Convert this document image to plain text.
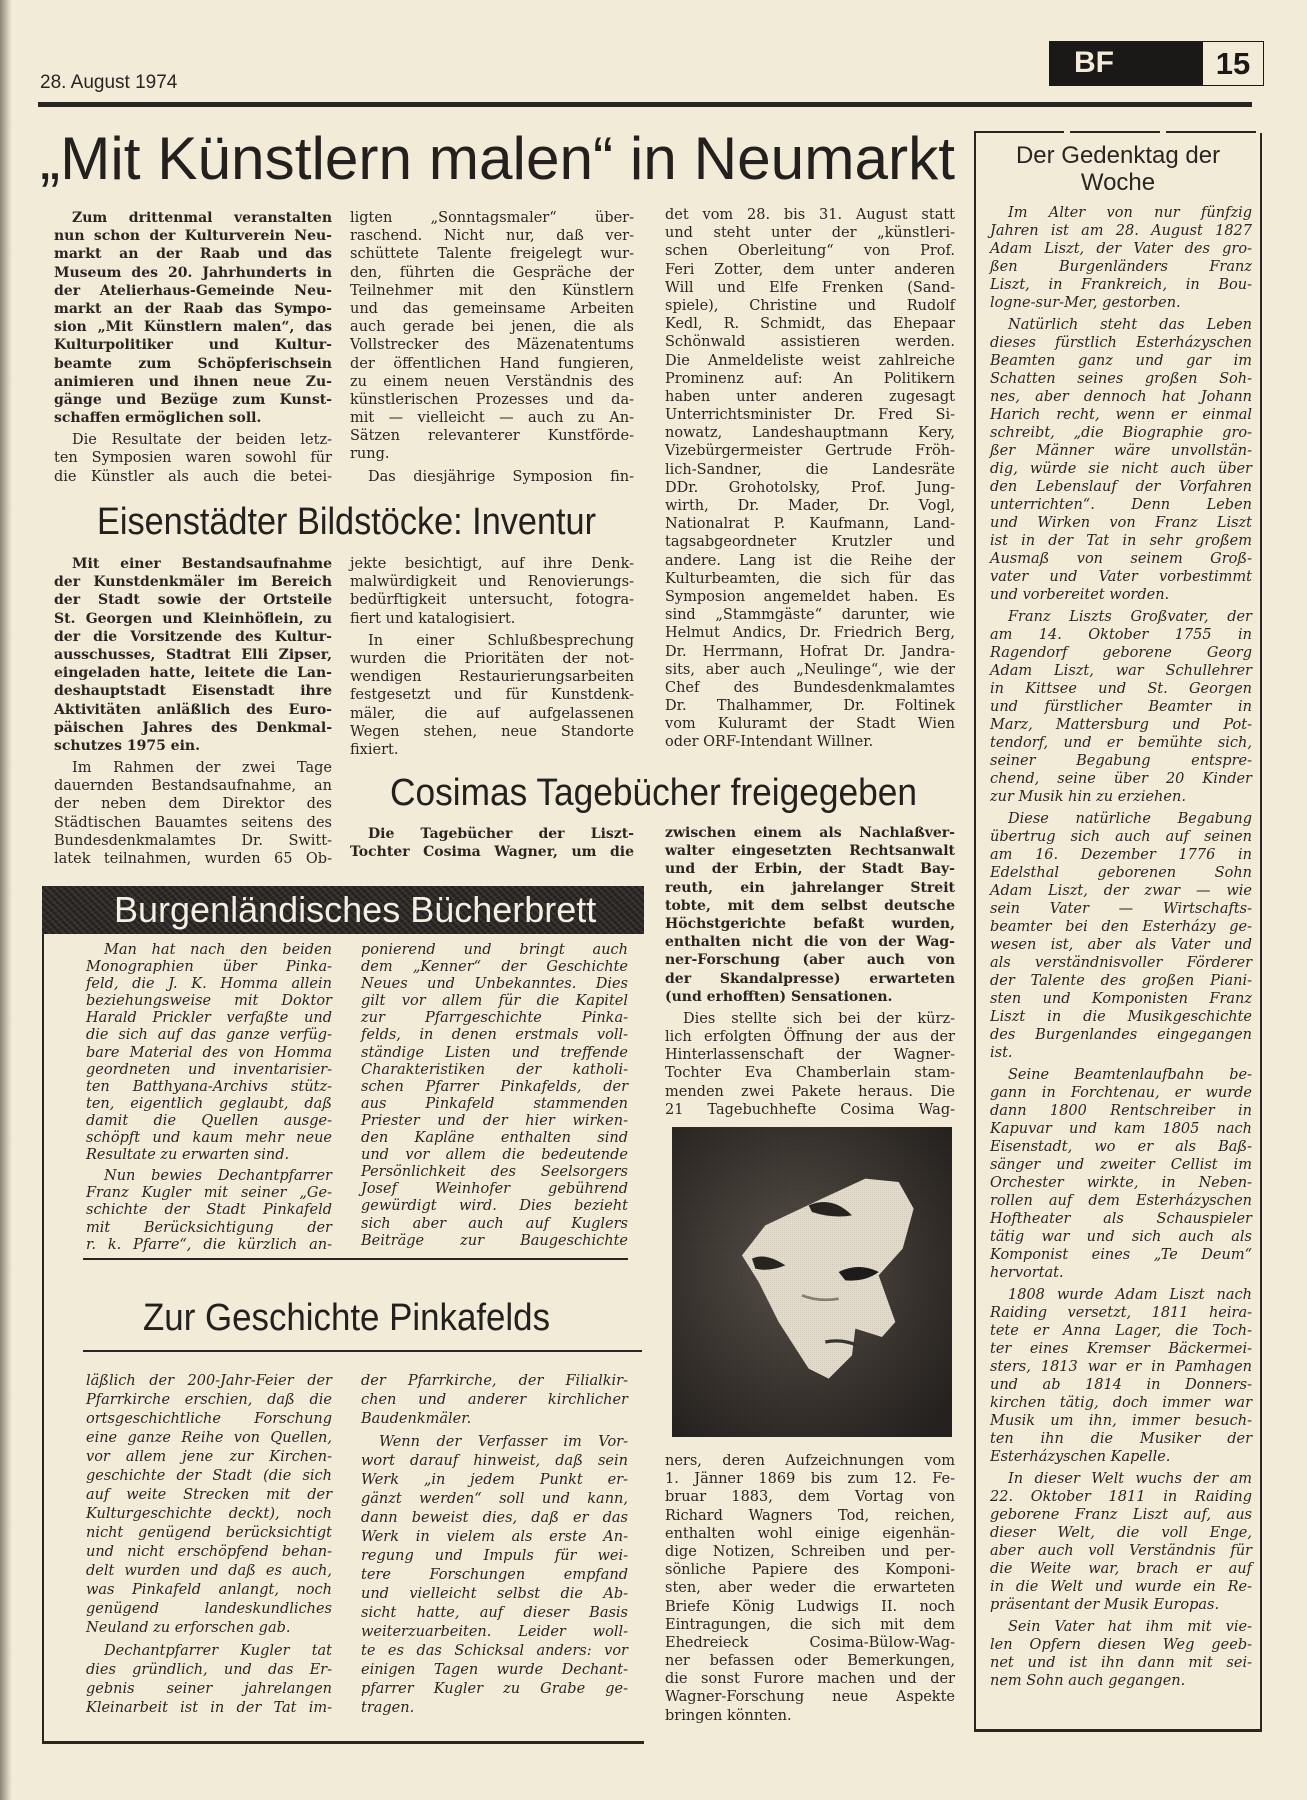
28. August 1974
BF	15
„Mit Künstlern malen“ in Neumarkt
Zum drittenmal veranstalten
nun schon der Kulturverein Neu-
markt an der Raab und das
Museum des 20. Jahrhunderts in
der Atelierhaus-Gemeinde Neu-
markt an der Raab das Sympo-
sion „Mit Künstlern malen“, das
Kulturpolitiker und Kultur-
beamte zum Schöpferischsein
animieren und ihnen neue Zu-
gänge und Bezüge zum Kunst-
schaffen ermöglichen soll.
Die Resultate der beiden letz-
ten Symposien waren sowohl für
die Künstler als auch die betei-
ligten „Sonntagsmaler“ über-
raschend. Nicht nur, daß ver-
schüttete Talente freigelegt wur-
den, führten die Gespräche der
Teilnehmer mit den Künstlern
und das gemeinsame Arbeiten
auch gerade bei jenen, die als
Vollstrecker des Mäzenatentums
der öffentlichen Hand fungieren,
zu einem neuen Verständnis des
künstlerischen Prozesses und da-
mit — vielleicht — auch zu An-
Sätzen relevanterer Kunstförde-
rung.
Das diesjährige Symposion fin-
det vom 28. bis 31. August statt
und steht unter der „künstleri-
schen Oberleitung“ von Prof.
Feri Zotter, dem unter anderen
Will und Elfe Frenken (Sand-
spiele), Christine und Rudolf
Kedl, R. Schmidt, das Ehepaar
Schönwald assistieren werden.
Die Anmeldeliste weist zahlreiche
Prominenz auf: An Politikern
haben unter anderen zugesagt
Unterrichtsminister Dr. Fred Si-
nowatz, Landeshauptmann Kery,
Vizebürgermeister Gertrude Fröh-
lich-Sandner, die Landesräte
DDr. Grohotolsky, Prof. Jung-
wirth, Dr. Mader, Dr. Vogl,
Nationalrat P. Kaufmann, Land-
tagsabgeordneter Krutzler und
andere. Lang ist die Reihe der
Kulturbeamten, die sich für das
Symposion angemeldet haben. Es
sind „Stammgäste“ darunter, wie
Helmut Andics, Dr. Friedrich Berg,
Dr. Herrmann, Hofrat Dr. Jandra-
sits, aber auch „Neulinge“, wie der
Chef des Bundesdenkmalamtes
Dr. Thalhammer, Dr. Foltinek
vom Kuluramt der Stadt Wien
oder ORF-Intendant Willner.
Eisenstädter Bildstöcke: Inventur
Mit einer Bestandsaufnahme
der Kunstdenkmäler im Bereich
der Stadt sowie der Ortsteile
St. Georgen und Kleinhöflein, zu
der die Vorsitzende des Kultur-
ausschusses, Stadtrat Elli Zipser,
eingeladen hatte, leitete die Lan-
deshauptstadt Eisenstadt ihre
Aktivitäten anläßlich des Euro-
päischen Jahres des Denkmal-
schutzes 1975 ein.
Im Rahmen der zwei Tage
dauernden Bestandsaufnahme, an
der neben dem Direktor des
Städtischen Bauamtes seitens des
Bundesdenkmalamtes Dr. Switt-
latek teilnahmen, wurden 65 Ob-
jekte besichtigt, auf ihre Denk-
malwürdigkeit und Renovierungs-
bedürftigkeit untersucht, fotogra-
fiert und katalogisiert.
In einer Schlußbesprechung
wurden die Prioritäten der not-
wendigen Restaurierungsarbeiten
festgesetzt und für Kunstdenk-
mäler, die auf aufgelassenen
Wegen stehen, neue Standorte
fixiert.
Cosimas Tagebücher freigegeben
Die Tagebücher der Liszt-
Tochter Cosima Wagner, um die
zwischen einem als Nachlaßver-
walter eingesetzten Rechtsanwalt
und der Erbin, der Stadt Bay-
reuth, ein jahrelanger Streit
tobte, mit dem selbst deutsche
Höchstgerichte befaßt wurden,
enthalten nicht die von der Wag-
ner-Forschung (aber auch von
der Skandalpresse) erwarteten
(und erhofften) Sensationen.
Dies stellte sich bei der kürz-
lich erfolgten Öffnung der aus der
Hinterlassenschaft der Wagner-
Tochter Eva Chamberlain stam-
menden zwei Pakete heraus. Die
21 Tagebuchhefte Cosima Wag-
ners, deren Aufzeichnungen vom
1. Jänner 1869 bis zum 12. Fe-
bruar 1883, dem Vortag von
Richard Wagners Tod, reichen,
enthalten wohl einige eigenhän-
dige Notizen, Schreiben und per-
sönliche Papiere des Komponi-
sten, aber weder die erwarteten
Briefe König Ludwigs II. noch
Eintragungen, die sich mit dem
Ehedreieck Cosima-Bülow-Wag-
ner befassen oder Bemerkungen,
die sonst Furore machen und der
Wagner-Forschung neue Aspekte
bringen könnten.
Burgenländisches Bücherbrett
Man hat nach den beiden
Monographien über Pinka-
feld, die J. K. Homma allein
beziehungsweise mit Doktor
Harald Prickler verfaßte und
die sich auf das ganze verfüg-
bare Material des von Homma
geordneten und inventarisier-
ten Batthyana-Archivs stütz-
ten, eigentlich geglaubt, daß
damit die Quellen ausge-
schöpft und kaum mehr neue
Resultate zu erwarten sind.
Nun bewies Dechantpfarrer
Franz Kugler mit seiner „Ge-
schichte der Stadt Pinkafeld
mit Berücksichtigung der
r. k. Pfarre“, die kürzlich an-
ponierend und bringt auch
dem „Kenner“ der Geschichte
Neues und Unbekanntes. Dies
gilt vor allem für die Kapitel
zur Pfarrgeschichte Pinka-
felds, in denen erstmals voll-
ständige Listen und treffende
Charakteristiken der katholi-
schen Pfarrer Pinkafelds, der
aus Pinkafeld stammenden
Priester und der hier wirken-
den Kapläne enthalten sind
und vor allem die bedeutende
Persönlichkeit des Seelsorgers
Josef Weinhofer gebührend
gewürdigt wird. Dies bezieht
sich aber auch auf Kuglers
Beiträge zur Baugeschichte
Zur Geschichte Pinkafelds
läßlich der 200-Jahr-Feier der
Pfarrkirche erschien, daß die
ortsgeschichtliche Forschung
eine ganze Reihe von Quellen,
vor allem jene zur Kirchen-
geschichte der Stadt (die sich
auf weite Strecken mit der
Kulturgeschichte deckt), noch
nicht genügend berücksichtigt
und nicht erschöpfend behan-
delt wurden und daß es auch,
was Pinkafeld anlangt, noch
genügend landeskundliches
Neuland zu erforschen gab.
Dechantpfarrer Kugler tat
dies gründlich, und das Er-
gebnis seiner jahrelangen
Kleinarbeit ist in der Tat im-
der Pfarrkirche, der Filialkir-
chen und anderer kirchlicher
Baudenkmäler.
Wenn der Verfasser im Vor-
wort darauf hinweist, daß sein
Werk „in jedem Punkt er-
gänzt werden“ soll und kann,
dann beweist dies, daß er das
Werk in vielem als erste An-
regung und Impuls für wei-
tere Forschungen empfand
und vielleicht selbst die Ab-
sicht hatte, auf dieser Basis
weiterzuarbeiten. Leider woll-
te es das Schicksal anders: vor
einigen Tagen wurde Dechant-
pfarrer Kugler zu Grabe ge-
tragen.
Der Gedenktag der
Woche
Im Alter von nur fünfzig
Jahren ist am 28. August 1827
Adam Liszt, der Vater des gro-
ßen Burgenländers Franz
Liszt, in Frankreich, in Bou-
logne-sur-Mer, gestorben.
Natürlich steht das Leben
dieses fürstlich Esterházyschen
Beamten ganz und gar im
Schatten seines großen Soh-
nes, aber dennoch hat Johann
Harich recht, wenn er einmal
schreibt, „die Biographie gro-
ßer Männer wäre unvollstän-
dig, würde sie nicht auch über
den Lebenslauf der Vorfahren
unterrichten“. Denn Leben
und Wirken von Franz Liszt
ist in der Tat in sehr großem
Ausmaß von seinem Groß-
vater und Vater vorbestimmt
und vorbereitet worden.
Franz Liszts Großvater, der
am 14. Oktober 1755 in
Ragendorf geborene Georg
Adam Liszt, war Schullehrer
in Kittsee und St. Georgen
und fürstlicher Beamter in
Marz, Mattersburg und Pot-
tendorf, und er bemühte sich,
seiner Begabung entspre-
chend, seine über 20 Kinder
zur Musik hin zu erziehen.
Diese natürliche Begabung
übertrug sich auch auf seinen
am 16. Dezember 1776 in
Edelsthal geborenen Sohn
Adam Liszt, der zwar — wie
sein Vater — Wirtschafts-
beamter bei den Esterházy ge-
wesen ist, aber als Vater und
als verständnisvoller Förderer
der Talente des großen Piani-
sten und Komponisten Franz
Liszt in die Musikgeschichte
des Burgenlandes eingegangen
ist.
Seine Beamtenlaufbahn be-
gann in Forchtenau, er wurde
dann 1800 Rentschreiber in
Kapuvar und kam 1805 nach
Eisenstadt, wo er als Baß-
sänger und zweiter Cellist im
Orchester wirkte, in Neben-
rollen auf dem Esterházyschen
Hoftheater als Schauspieler
tätig war und sich auch als
Komponist eines „Te Deum“
hervortat.
1808 wurde Adam Liszt nach
Raiding versetzt, 1811 heira-
tete er Anna Lager, die Toch-
ter eines Kremser Bäckermei-
sters, 1813 war er in Pamhagen
und ab 1814 in Donners-
kirchen tätig, doch immer war
Musik um ihn, immer besuch-
ten ihn die Musiker der
Esterházyschen Kapelle.
In dieser Welt wuchs der am
22. Oktober 1811 in Raiding
geborene Franz Liszt auf, aus
dieser Welt, die voll Enge,
aber auch voll Verständnis für
die Weite war, brach er auf
in die Welt und wurde ein Re-
präsentant der Musik Europas.
Sein Vater hat ihm mit vie-
len Opfern diesen Weg geeb-
net und ist ihn dann mit sei-
nem Sohn auch gegangen.
